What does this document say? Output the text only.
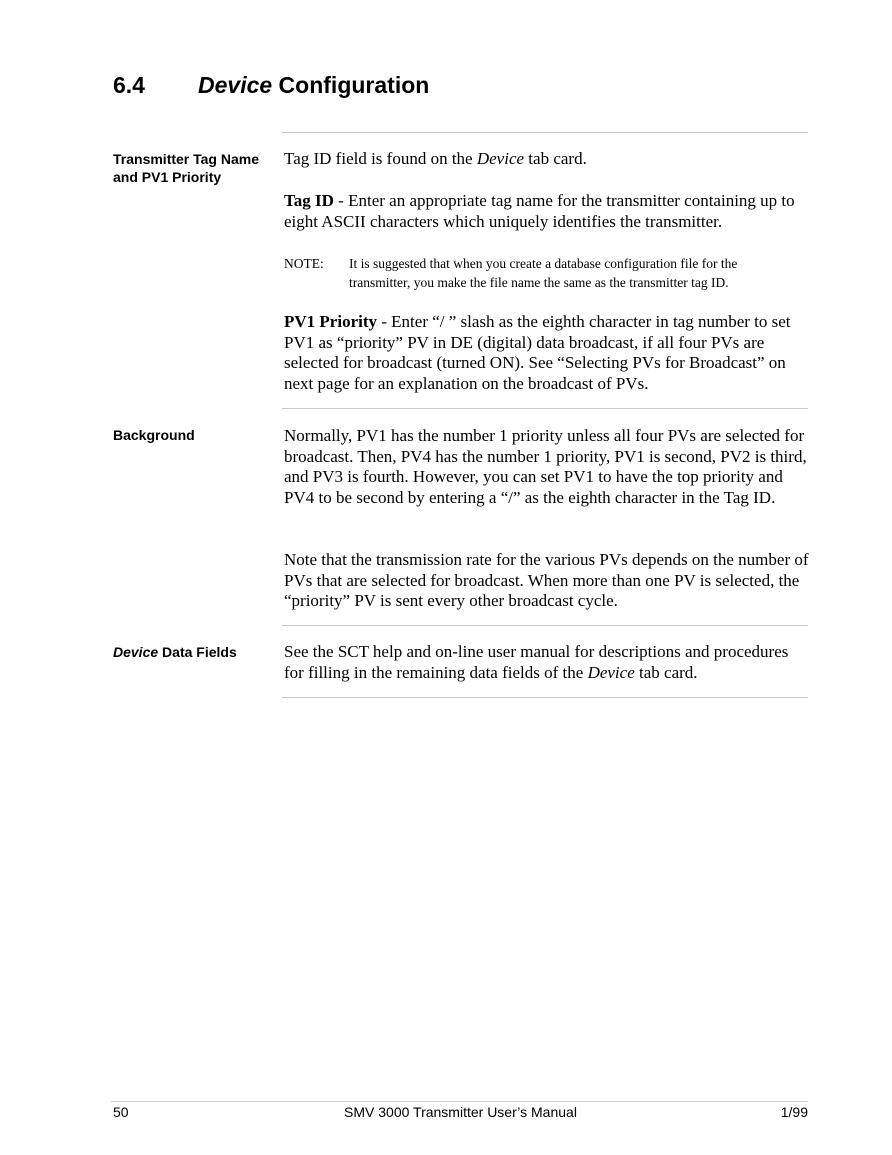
6.4 Device Configuration
Transmitter Tag Name
and PV1 Priority

Tag ID field is found on the Device tab card.

Tag ID - Enter an appropriate tag name for the transmitter containing up to eight ASCII characters which uniquely identifies the transmitter.

NOTE: It is suggested that when you create a database configuration file for the transmitter, you make the file name the same as the transmitter tag ID.

PV1 Priority - Enter “/ ” slash as the eighth character in tag number to set PV1 as “priority” PV in DE (digital) data broadcast, if all four PVs are selected for broadcast (turned ON). See “Selecting PVs for Broadcast” on next page for an explanation on the broadcast of PVs.

Background	Normally, PV1 has the number 1 priority unless all four PVs are selected for broadcast. Then, PV4 has the number 1 priority, PV1 is second, PV2 is third, and PV3 is fourth. However, you can set PV1 to have the top priority and PV4 to be second by entering a “/” as the eighth character in the Tag ID.

Note that the transmission rate for the various PVs depends on the number of PVs that are selected for broadcast. When more than one PV is selected, the “priority” PV is sent every other broadcast cycle.

Device Data Fields	See the SCT help and on-line user manual for descriptions and procedures for filling in the remaining data fields of the Device tab card.

50	SMV 3000 Transmitter User’s Manual	1/99
